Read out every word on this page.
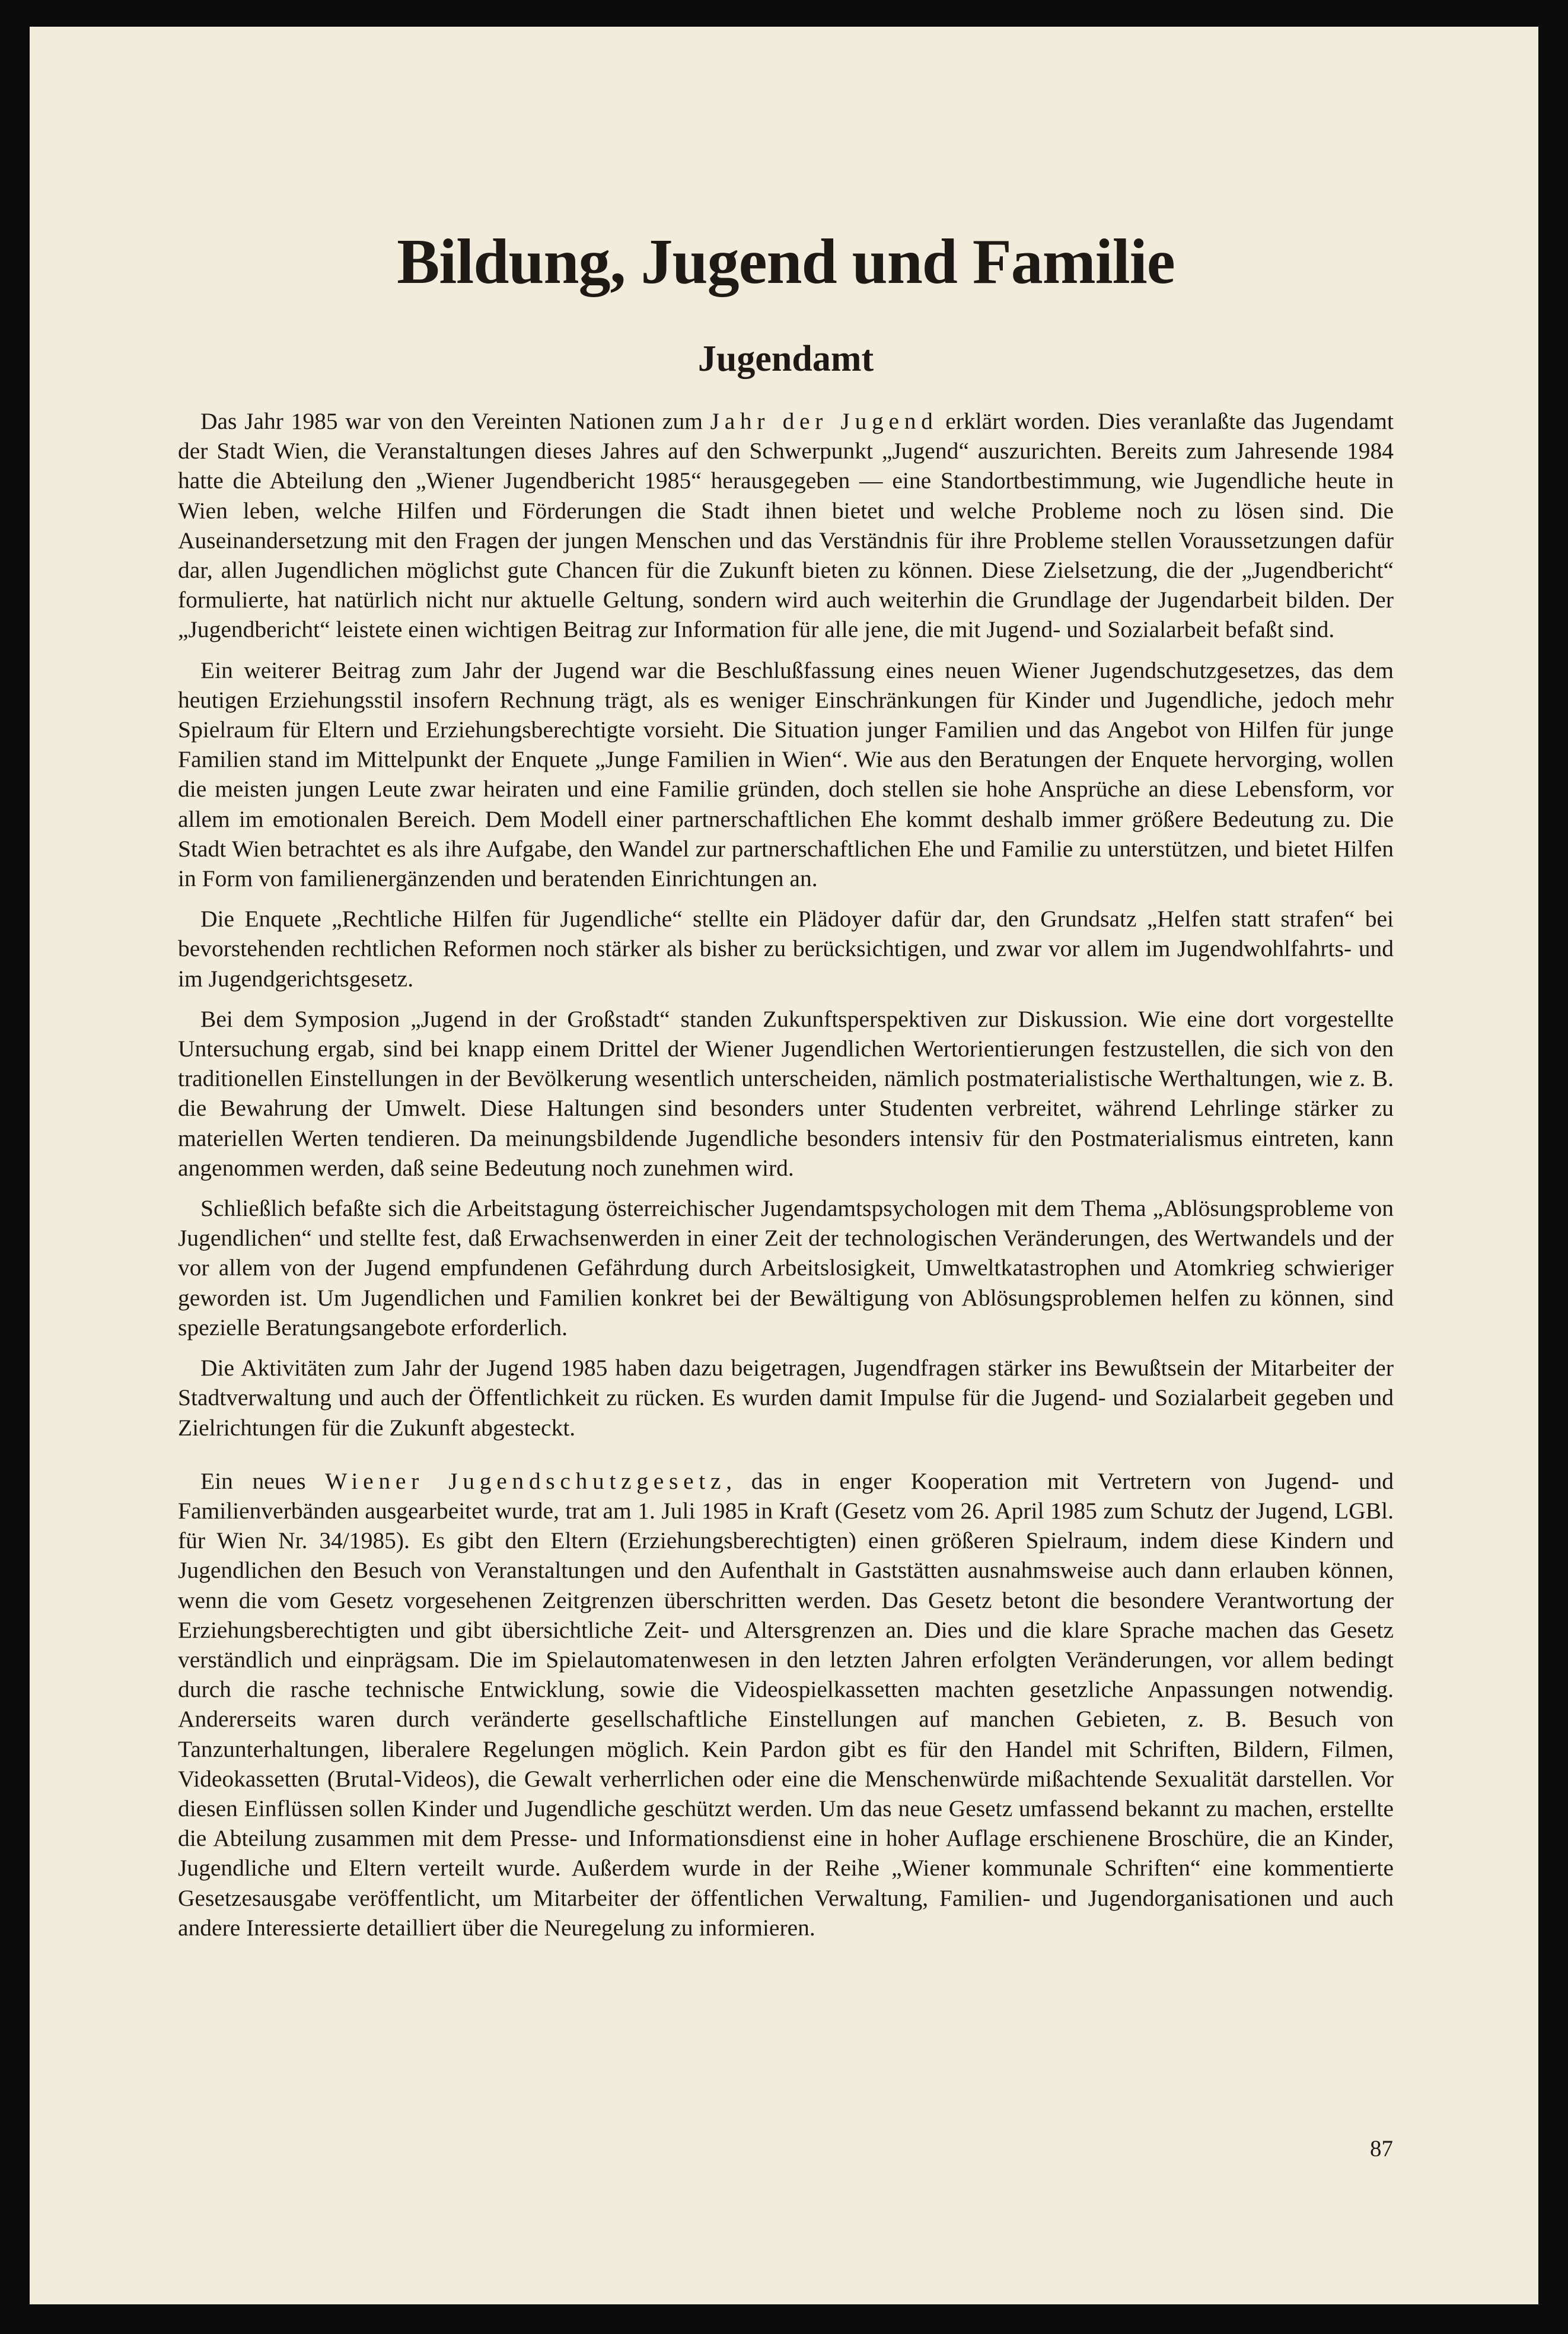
Bildung, Jugend und Familie
Jugendamt

Das Jahr 1985 war von den Vereinten Nationen zum Jahr der Jugend erklärt worden. Dies veranlaßte das Jugendamt der Stadt Wien, die Veranstaltungen dieses Jahres auf den Schwerpunkt „Jugend“ auszurichten. Bereits zum Jahresende 1984 hatte die Abteilung den „Wiener Jugendbericht 1985“ herausgegeben — eine Standortbestimmung, wie Jugendliche heute in Wien leben, welche Hilfen und Förderungen die Stadt ihnen bietet und welche Probleme noch zu lösen sind. Die Auseinandersetzung mit den Fragen der jungen Menschen und das Verständnis für ihre Probleme stellen Voraussetzungen dafür dar, allen Jugendlichen möglichst gute Chancen für die Zukunft bieten zu können. Diese Zielsetzung, die der „Jugendbericht“ formulierte, hat natürlich nicht nur aktuelle Geltung, sondern wird auch weiterhin die Grundlage der Jugendarbeit bilden. Der „Jugendbericht“ leistete einen wichtigen Beitrag zur Information für alle jene, die mit Jugend- und Sozialarbeit befaßt sind.

Ein weiterer Beitrag zum Jahr der Jugend war die Beschlußfassung eines neuen Wiener Jugendschutzgesetzes, das dem heutigen Erziehungsstil insofern Rechnung trägt, als es weniger Einschränkungen für Kinder und Jugendliche, jedoch mehr Spielraum für Eltern und Erziehungsberechtigte vorsieht. Die Situation junger Familien und das Angebot von Hilfen für junge Familien stand im Mittelpunkt der Enquete „Junge Familien in Wien“. Wie aus den Beratungen der Enquete hervorging, wollen die meisten jungen Leute zwar heiraten und eine Familie gründen, doch stellen sie hohe Ansprüche an diese Lebensform, vor allem im emotionalen Bereich. Dem Modell einer partnerschaftlichen Ehe kommt deshalb immer größere Bedeutung zu. Die Stadt Wien betrachtet es als ihre Aufgabe, den Wandel zur partnerschaftlichen Ehe und Familie zu unterstützen, und bietet Hilfen in Form von familienergänzenden und beratenden Einrichtungen an.

Die Enquete „Rechtliche Hilfen für Jugendliche“ stellte ein Plädoyer dafür dar, den Grundsatz „Helfen statt strafen“ bei bevorstehenden rechtlichen Reformen noch stärker als bisher zu berücksichtigen, und zwar vor allem im Jugendwohlfahrts- und im Jugendgerichtsgesetz.

Bei dem Symposion „Jugend in der Großstadt“ standen Zukunftsperspektiven zur Diskussion. Wie eine dort vorgestellte Untersuchung ergab, sind bei knapp einem Drittel der Wiener Jugendlichen Wertorientierungen festzustellen, die sich von den traditionellen Einstellungen in der Bevölkerung wesentlich unterscheiden, nämlich postmaterialistische Werthaltungen, wie z. B. die Bewahrung der Umwelt. Diese Haltungen sind besonders unter Studenten verbreitet, während Lehrlinge stärker zu materiellen Werten tendieren. Da meinungsbildende Jugendliche besonders intensiv für den Postmaterialismus eintreten, kann angenommen werden, daß seine Bedeutung noch zunehmen wird.

Schließlich befaßte sich die Arbeitstagung österreichischer Jugendamtspsychologen mit dem Thema „Ablösungsprobleme von Jugendlichen“ und stellte fest, daß Erwachsenwerden in einer Zeit der technologischen Veränderungen, des Wertwandels und der vor allem von der Jugend empfundenen Gefährdung durch Arbeitslosigkeit, Umweltkatastrophen und Atomkrieg schwieriger geworden ist. Um Jugendlichen und Familien konkret bei der Bewältigung von Ablösungsproblemen helfen zu können, sind spezielle Beratungsangebote erforderlich.

Die Aktivitäten zum Jahr der Jugend 1985 haben dazu beigetragen, Jugendfragen stärker ins Bewußtsein der Mitarbeiter der Stadtverwaltung und auch der Öffentlichkeit zu rücken. Es wurden damit Impulse für die Jugend- und Sozialarbeit gegeben und Zielrichtungen für die Zukunft abgesteckt.

Ein neues Wiener Jugendschutzgesetz, das in enger Kooperation mit Vertretern von Jugend- und Familienverbänden ausgearbeitet wurde, trat am 1. Juli 1985 in Kraft (Gesetz vom 26. April 1985 zum Schutz der Jugend, LGBl. für Wien Nr. 34/1985). Es gibt den Eltern (Erziehungsberechtigten) einen größeren Spielraum, indem diese Kindern und Jugendlichen den Besuch von Veranstaltungen und den Aufenthalt in Gaststätten ausnahmsweise auch dann erlauben können, wenn die vom Gesetz vorgesehenen Zeitgrenzen überschritten werden. Das Gesetz betont die besondere Verantwortung der Erziehungsberechtigten und gibt übersichtliche Zeit- und Altersgrenzen an. Dies und die klare Sprache machen das Gesetz verständlich und einprägsam. Die im Spielautomatenwesen in den letzten Jahren erfolgten Veränderungen, vor allem bedingt durch die rasche technische Entwicklung, sowie die Videospielkassetten machten gesetzliche Anpassungen notwendig. Andererseits waren durch veränderte gesellschaftliche Einstellungen auf manchen Gebieten, z. B. Besuch von Tanzunterhaltungen, liberalere Regelungen möglich. Kein Pardon gibt es für den Handel mit Schriften, Bildern, Filmen, Videokassetten (Brutal-Videos), die Gewalt verherrlichen oder eine die Menschenwürde mißachtende Sexualität darstellen. Vor diesen Einflüssen sollen Kinder und Jugendliche geschützt werden. Um das neue Gesetz umfassend bekannt zu machen, erstellte die Abteilung zusammen mit dem Presse- und Informationsdienst eine in hoher Auflage erschienene Broschüre, die an Kinder, Jugendliche und Eltern verteilt wurde. Außerdem wurde in der Reihe „Wiener kommunale Schriften“ eine kommentierte Gesetzesausgabe veröffentlicht, um Mitarbeiter der öffentlichen Verwaltung, Familien- und Jugendorganisationen und auch andere Interessierte detailliert über die Neuregelung zu informieren.

87
